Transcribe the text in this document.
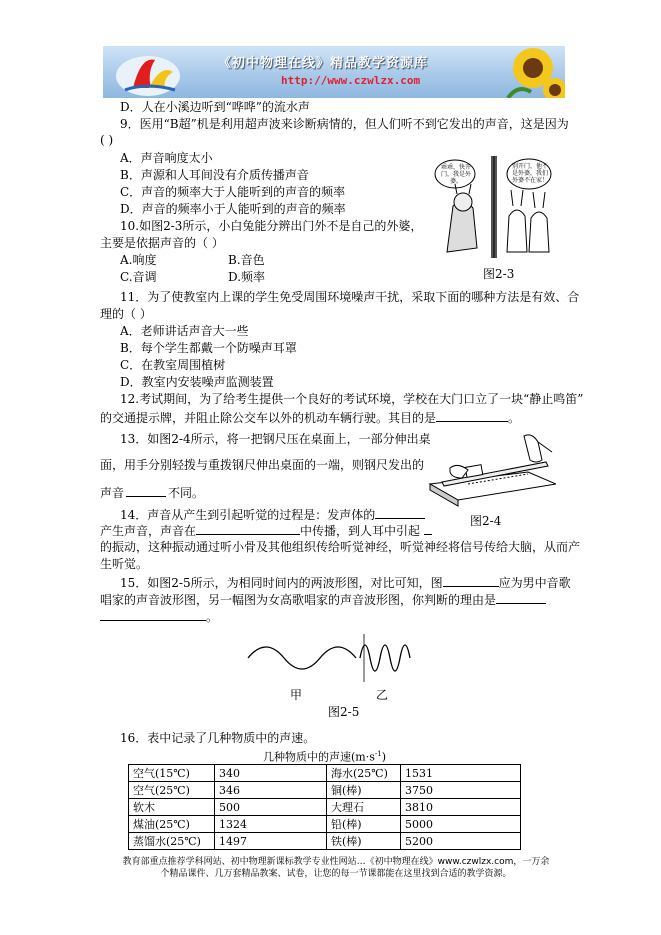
《初中物理在线》精品教学资源库
http://www.czwlzx.com
D．人在小溪边听到“哗哗”的流水声
9．医用“B超”机是利用超声波来诊断病情的，但人们听不到它发出的声音，这是因为
( )
A．声音响度太小
B．声源和人耳间没有介质传播声音
C．声音的频率大于人能听到的声音的频率
D．声音的频率小于人能听到的声音的频率
10.如图2-3所示，小白兔能分辨出门外不是自己的外婆，
主要是依据声音的（ ）
A.响度	B.音色
C.音调	D.频率
乖乖，快开门，我是外婆。
别开门，他不是外婆，我们外婆不在家！
图2-3
11．为了使教室内上课的学生免受周围环境噪声干扰，采取下面的哪种方法是有效、合
理的（ ）
A．老师讲话声音大一些
B．每个学生都戴一个防噪声耳罩
C．在教室周围植树
D．教室内安装噪声监测装置
12.考试期间，为了给考生提供一个良好的考试环境，学校在大门口立了一块“静止鸣笛”
的交通提示牌，并阻止除公交车以外的机动车辆行驶。其目的是	。
13．如图2-4所示，将一把钢尺压在桌面上，一部分伸出桌
面，用手分别轻拨与重拨钢尺伸出桌面的一端，则钢尺发出的
声音	不同。
图2-4
14．声音从产生到引起听觉的过程是：发声体的
产生声音，声音在	中传播，到人耳中引起
的振动，这种振动通过听小骨及其他组织传给听觉神经，听觉神经将信号传给大脑，从而产
生听觉。
15．如图2-5所示，为相同时间内的两波形图，对比可知，图	应为男中音歌
唱家的声音波形图，另一幅图为女高歌唱家的声音波形图，你判断的理由是
。
甲	乙
图2-5
16．表中记录了几种物质中的声速。
几种物质中的声速$(m\cdot s^{-1})$
空气(15℃)	340	海水(25℃)	1531
空气(25℃)	346	铜(棒)	3750
软木	500	大理石	3810
煤油(25℃)	1324	铅(棒)	5000
蒸馏水(25℃)	1497	铁(棒)	5200
教育部重点推荐学科网站、初中物理新课标教学专业性网站…《初中物理在线》www.czwlzx.com，一万余
个精品课件、几万套精品教案、试卷，让您的每一节课都能在这里找到合适的教学资源。
